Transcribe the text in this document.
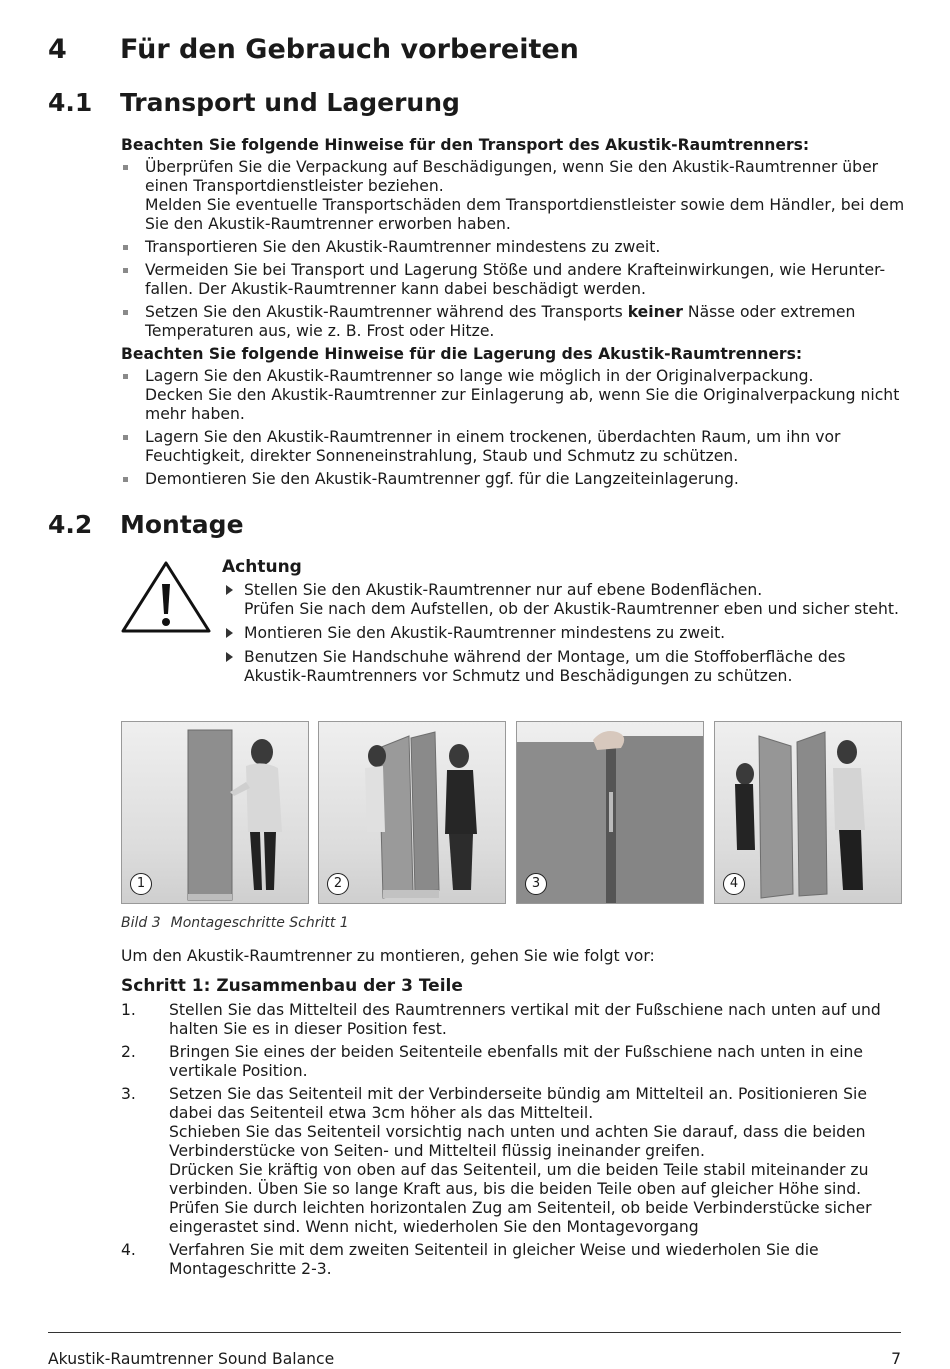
4 Für den Gebrauch vorbereiten
4.1 Transport und Lagerung
Beachten Sie folgende Hinweise für den Transport des Akustik-Raumtrenners:
Überprüfen Sie die Verpackung auf Beschädigungen, wenn Sie den Akustik-Raumtrenner über einen Transportdienstleister beziehen.
Melden Sie eventuelle Transportschäden dem Transportdienstleister sowie dem Händler, bei dem Sie den Akustik-Raumtrenner erworben haben.
Transportieren Sie den Akustik-Raumtrenner mindestens zu zweit.
Vermeiden Sie bei Transport und Lagerung Stöße und andere Krafteinwirkungen, wie Herunter-fallen. Der Akustik-Raumtrenner kann dabei beschädigt werden.
Setzen Sie den Akustik-Raumtrenner während des Transports keiner Nässe oder extremen Temperaturen aus, wie z. B. Frost oder Hitze.
Beachten Sie folgende Hinweise für die Lagerung des Akustik-Raumtrenners:
Lagern Sie den Akustik-Raumtrenner so lange wie möglich in der Originalverpackung.
Decken Sie den Akustik-Raumtrenner zur Einlagerung ab, wenn Sie die Originalverpackung nicht mehr haben.
Lagern Sie den Akustik-Raumtrenner in einem trockenen, überdachten Raum, um ihn vor Feuchtigkeit, direkter Sonneneinstrahlung, Staub und Schmutz zu schützen.
Demontieren Sie den Akustik-Raumtrenner ggf. für die Langzeiteinlagerung.
4.2 Montage
Achtung
Stellen Sie den Akustik-Raumtrenner nur auf ebene Bodenflächen.
Prüfen Sie nach dem Aufstellen, ob der Akustik-Raumtrenner eben und sicher steht.
Montieren Sie den Akustik-Raumtrenner mindestens zu zweit.
Benutzen Sie Handschuhe während der Montage, um die Stoffoberfläche des Akustik-Raumtrenners vor Schmutz und Beschädigungen zu schützen.
1	2	3	4
Bild 3 Montageschritte Schritt 1
Um den Akustik-Raumtrenner zu montieren, gehen Sie wie folgt vor:
Schritt 1: Zusammenbau der 3 Teile
1. Stellen Sie das Mittelteil des Raumtrenners vertikal mit der Fußschiene nach unten auf und halten Sie es in dieser Position fest.
2. Bringen Sie eines der beiden Seitenteile ebenfalls mit der Fußschiene nach unten in eine vertikale Position.
3. Setzen Sie das Seitenteil mit der Verbinderseite bündig am Mittelteil an. Positionieren Sie dabei das Seitenteil etwa 3cm höher als das Mittelteil.
Schieben Sie das Seitenteil vorsichtig nach unten und achten Sie darauf, dass die beiden Verbinderstücke von Seiten- und Mittelteil flüssig ineinander greifen.
Drücken Sie kräftig von oben auf das Seitenteil, um die beiden Teile stabil miteinander zu verbinden. Üben Sie so lange Kraft aus, bis die beiden Teile oben auf gleicher Höhe sind.
Prüfen Sie durch leichten horizontalen Zug am Seitenteil, ob beide Verbinderstücke sicher eingerastet sind. Wenn nicht, wiederholen Sie den Montagevorgang
4. Verfahren Sie mit dem zweiten Seitenteil in gleicher Weise und wiederholen Sie die Montageschritte 2-3.
Akustik-Raumtrenner Sound Balance	7
